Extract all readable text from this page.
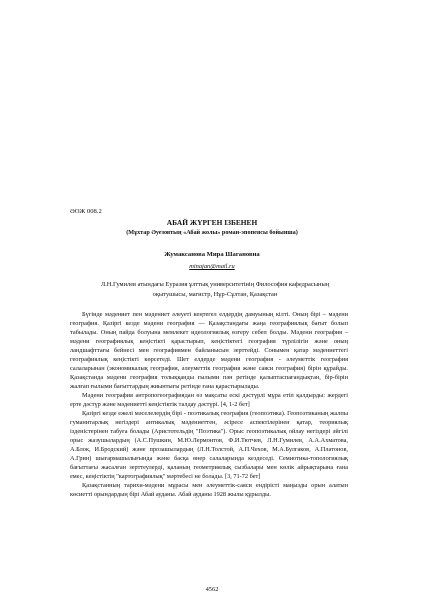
ӘОЖ 008.2
АБАЙ ЖҮРГЕН ІЗБЕНЕН
(Мұхтар Әуезовтың «Абай жолы» роман-эпопеясы бойынша)
Жумаксанова Мира Шагановна
minajan@mail.ru
Л.Н.Гумилев атындағы Еуразия ұлттық университетінің Философия кафедрасының оқытушысы, магистр, Нұр-Сұлтан, Қазақстан

Бүгінде мәдениет пен мәдениет әлеуеті кеңтегел елдердің дамуының кілті. Оның бірі – мәдени география. Қазіргі кезде мәдени география — Қазақстандағы жаңа географиялық бағыт болып табылады. Оның пайда болуына мемлекет идеологиялық өзгеру себеп болды. Мәдени география – мәдени географиялық кеңістікті қарастырып, кеңістіктегі география түрлілігін және оның ландшафттағы бейнесі мен географиямен байланысын зерттейді. Сонымен қатар мәдениеттегі географиялық кеңістікті көрсетеді. Шет елдерде мәдени география - әлеуметтік география салаларынан (экономикалық география, әлеуметтік география және саяси география) бірін құрайды. Қазақстанда мәдени география толыққанды ғылыми пән ретінде қалыптаспағандықтан, бір-бірін жалғап ғылыми бағыттардың жиынтығы ретінде ғана қарастырылады.

Мәдени география антропогеографиядан өз мақсаты ескі дәстүрлі мұра етіп қалдырды: жердегі ерте дәстүр және мәдениетті кеңістіктік талдау дәстүрі. [4, 1-2 бет]

Қазіргі кезде ежелі мәселелердің бірі - поэтикалық география (геопоэтика). Геопоэтиканың жалпы гуманитарлық негіздері антикалық мәдениеттен, әсіресе аспектілерінен қатар, теориялық ізденістерінен табуға болады (Аристотельдің "Поэтика"). Орыс геопоэтикалық ойлау негіздері әйгілі орыс жазушылардың (А.С.Пушкин, М.Ю.Лермонтов, Ф.И.Тютчев, Л.Н.Гумилев, А.А.Ахматова, А.Блок, И.Бродский) және прозашылардың (Л.Н.Толстой, А.П.Чехов, М.А.Булгаков, А.Платонов, А.Грин) шығармашылығында және басқа өнер салаларында кездеседі. Семиотика-топологиялық бағыттағы жасалған зерттеулерді, қаланың геометриялық сызбалары мен көлік айрықтарына ғана емес, кеңістіктің "картографиялық" мәртебесі не болады. [3, 71-72 бет]

Қазақстанның тарихи-мәдени мұрасы мен әлеуметтік-саяси ендірісті маңызды орын алатын көсиетті орындардың бірі Абай ауданы. Абай ауданы 1928 жылы құрылды.

4562
